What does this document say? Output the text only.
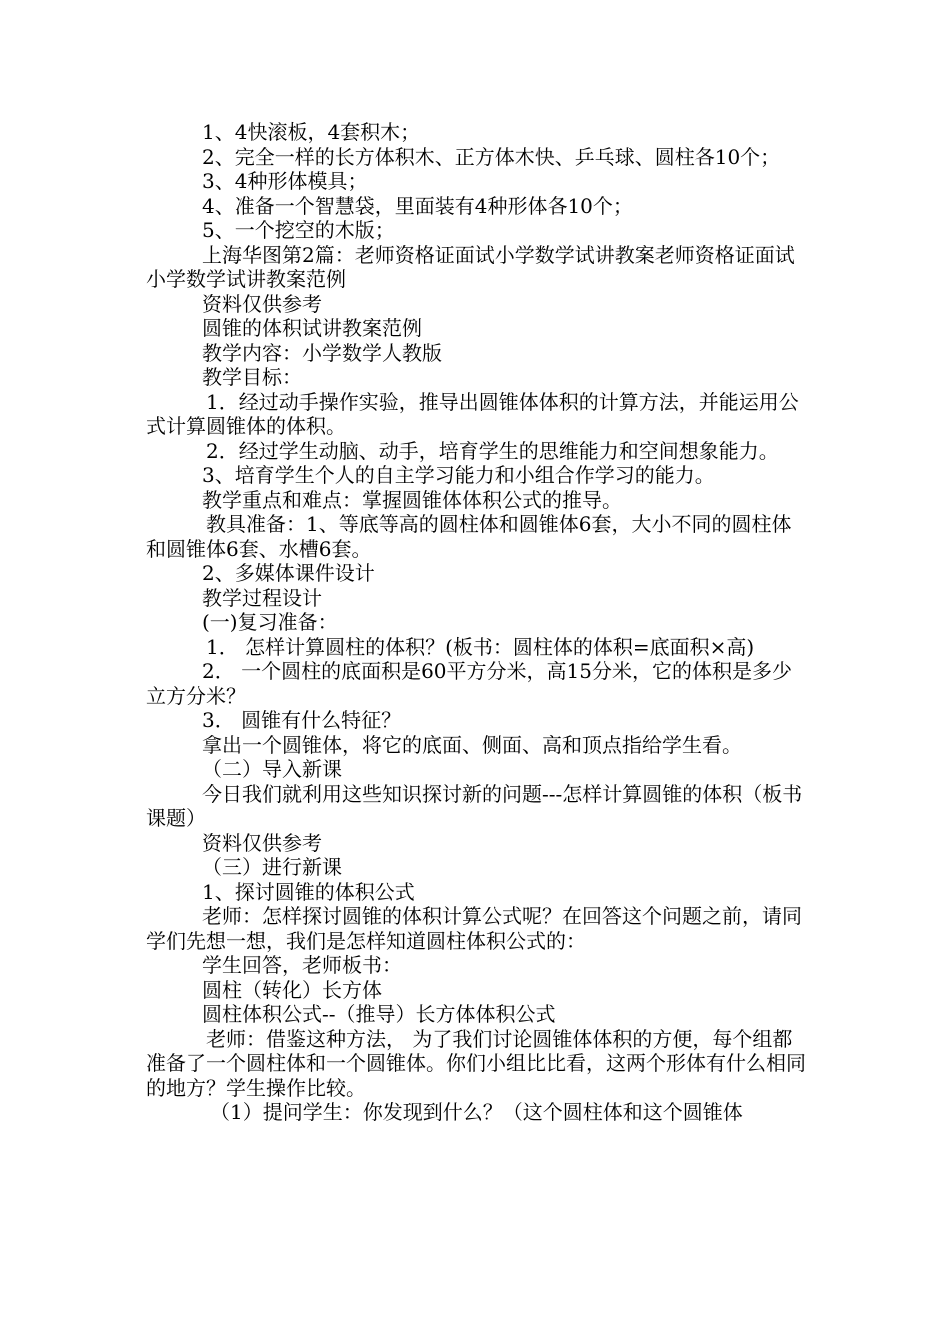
1、4快滚板，4套积木；

2、完全一样的长方体积木、正方体木快、乒乓球、圆柱各10个；

3、4种形体模具；

4、准备一个智慧袋，里面装有4种形体各10个；

5、一个挖空的木版；

上海华图第2篇：老师资格证面试小学数学试讲教案老师资格证面试小学数学试讲教案范例

资料仅供参考

圆锥的体积试讲教案范例

教学内容：小学数学人教版

教学目标：

1．经过动手操作实验，推导出圆锥体体积的计算方法，并能运用公式计算圆锥体的体积。

2．经过学生动脑、动手，培育学生的思维能力和空间想象能力。

3、培育学生个人的自主学习能力和小组合作学习的能力。

教学重点和难点：掌握圆锥体体积公式的推导。

教具准备：1、等底等高的圆柱体和圆锥体6套，大小不同的圆柱体和圆锥体6套、水槽6套。

2、多媒体课件设计

教学过程设计

(一)复习准备：

1． 怎样计算圆柱的体积？(板书：圆柱体的体积=底面积×高)

2． 一个圆柱的底面积是60平方分米，高15分米，它的体积是多少立方分米？

3． 圆锥有什么特征？

拿出一个圆锥体，将它的底面、侧面、高和顶点指给学生看。

（二）导入新课

今日我们就利用这些知识探讨新的问题---怎样计算圆锥的体积（板书课题）

资料仅供参考

（三）进行新课

1、探讨圆锥的体积公式

老师：怎样探讨圆锥的体积计算公式呢？在回答这个问题之前，请同学们先想一想，我们是怎样知道圆柱体积公式的：

学生回答，老师板书：

圆柱（转化）长方体

圆柱体积公式--（推导）长方体体积公式

老师：借鉴这种方法， 为了我们讨论圆锥体体积的方便，每个组都准备了一个圆柱体和一个圆锥体。你们小组比比看，这两个形体有什么相同的地方？学生操作比较。

（1）提问学生：你发现到什么？（这个圆柱体和这个圆锥体
